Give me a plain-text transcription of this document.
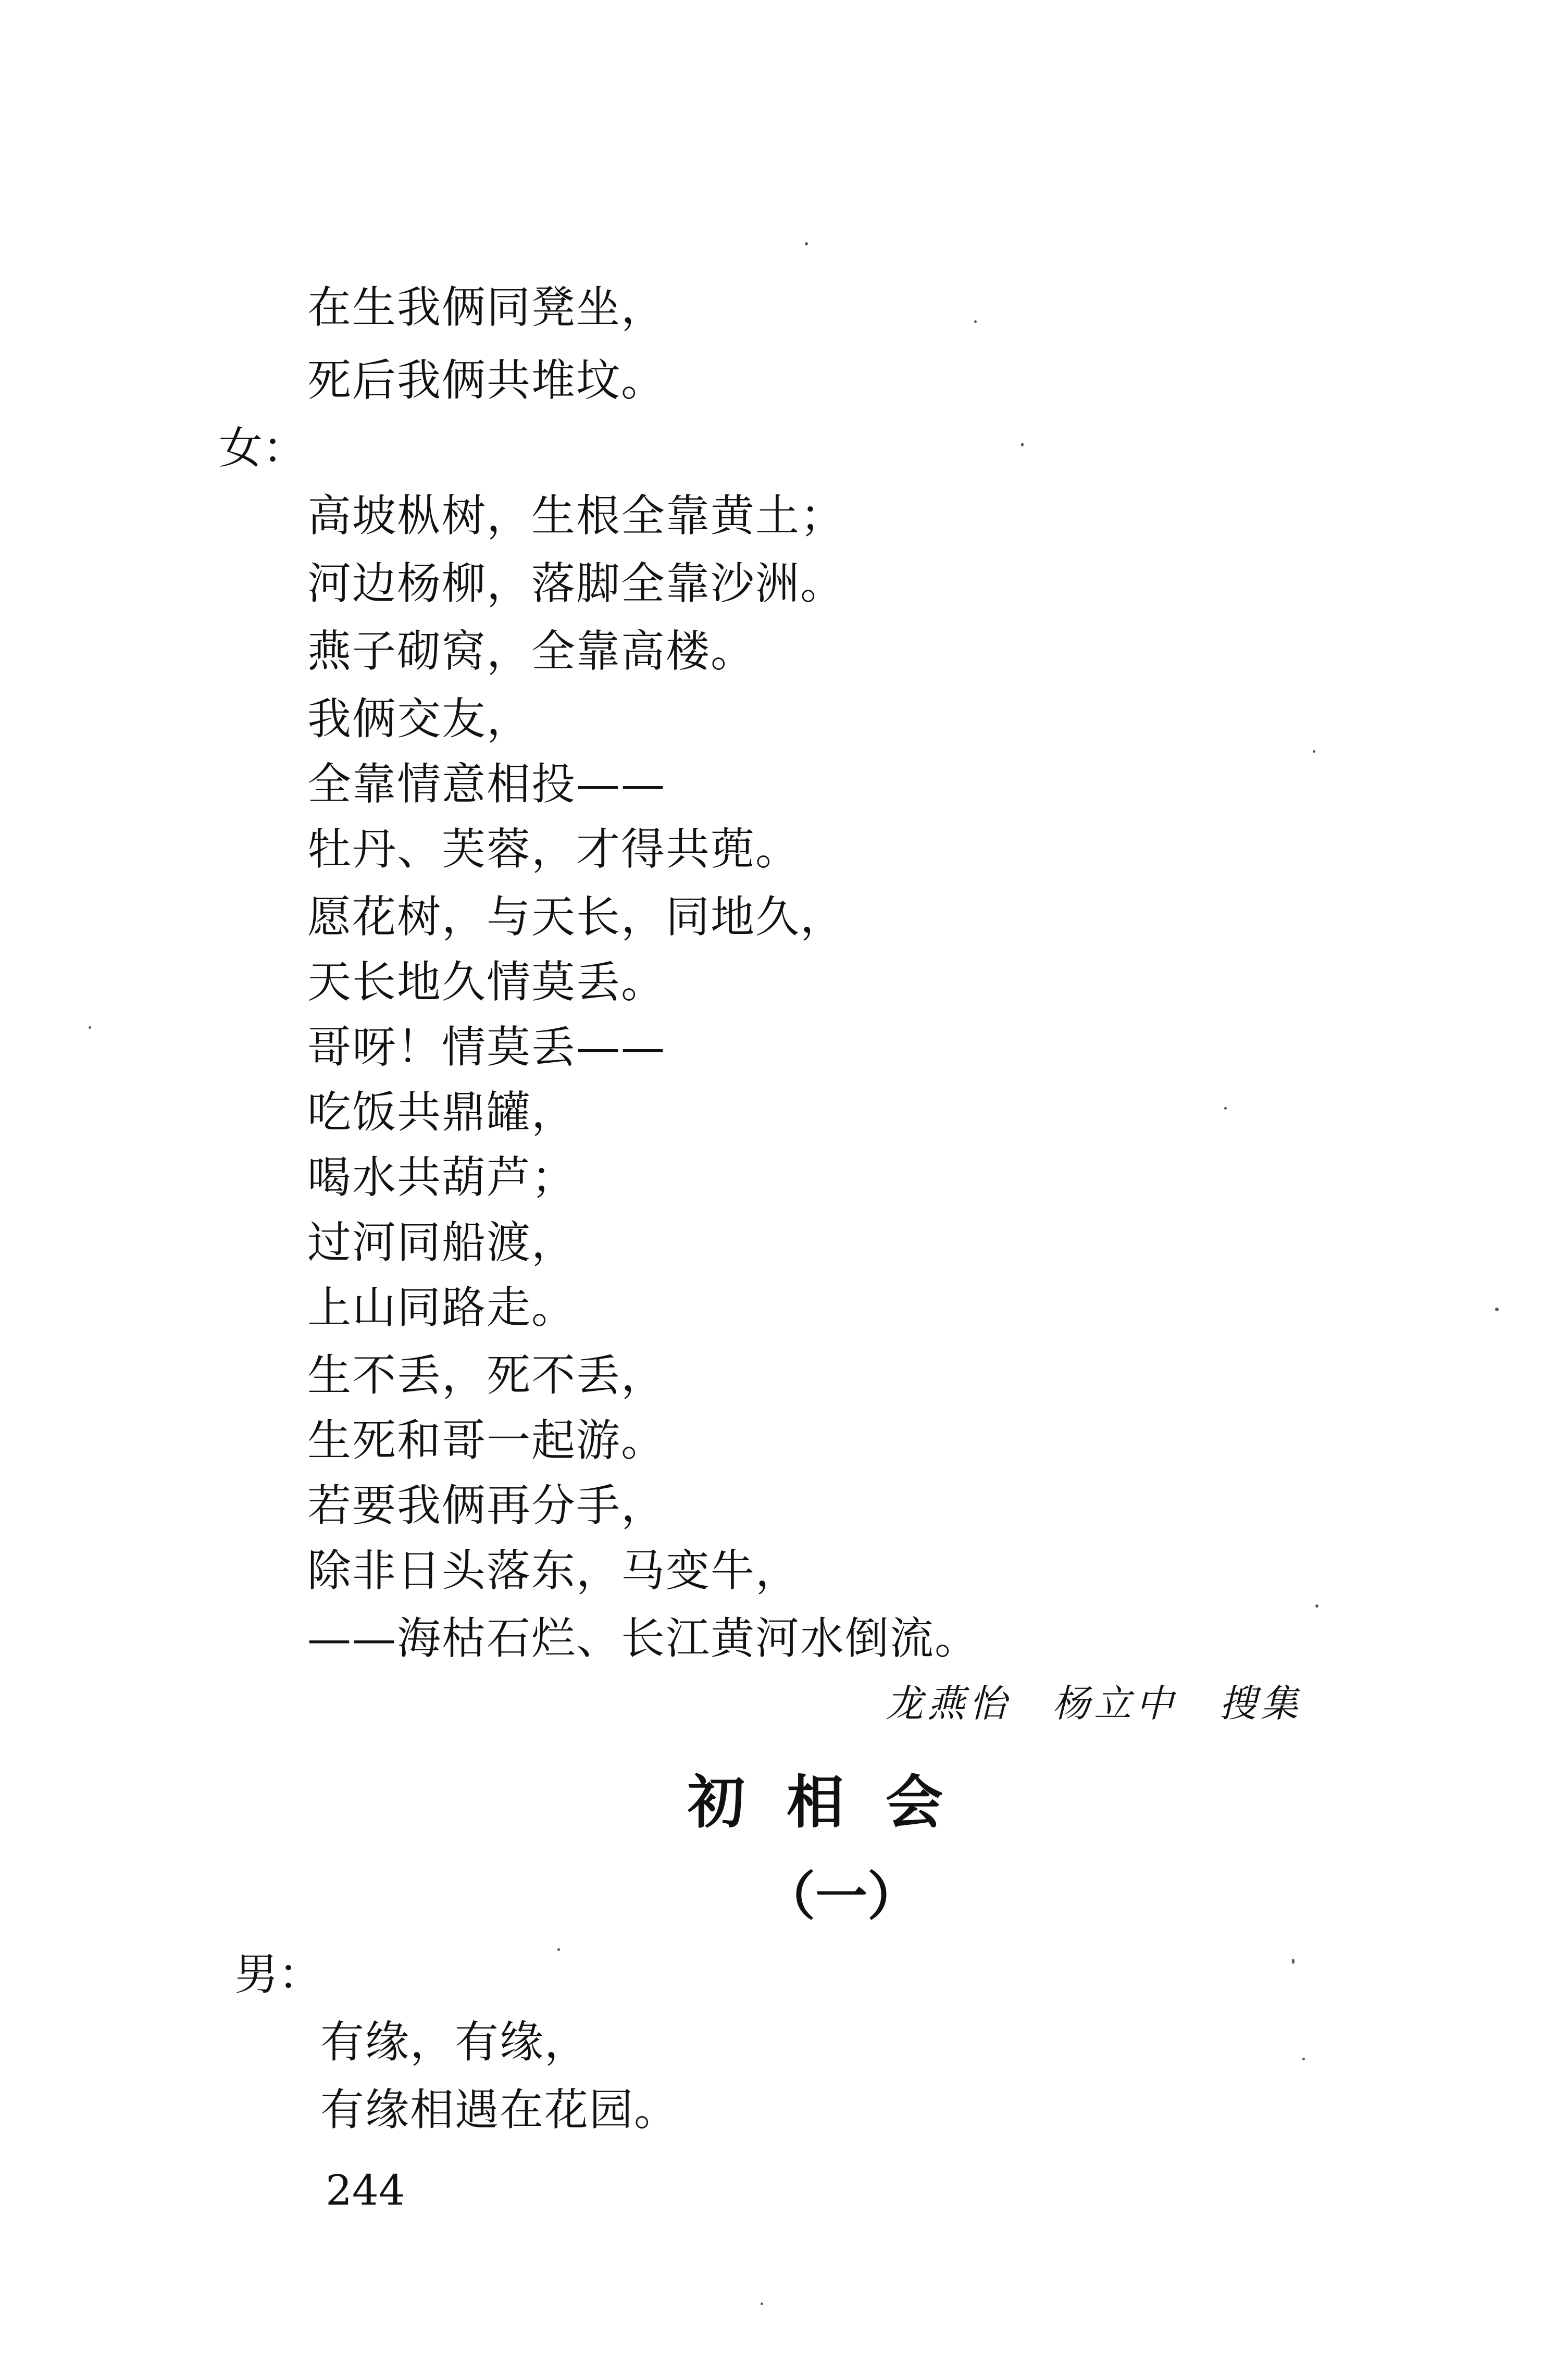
在生我俩同凳坐，
死后我俩共堆坟。
女：
高坡枞树，生根全靠黄土；
河边杨柳，落脚全靠沙洲。
燕子砌窝，全靠高楼。
我俩交友，
全靠情意相投——
牡丹、芙蓉，才得共蔸。
愿花树，与天长，同地久，
天长地久情莫丢。
哥呀！情莫丢——
吃饭共鼎罐，
喝水共葫芦；
过河同船渡，
上山同路走。
生不丢，死不丢，
生死和哥一起游。
若要我俩再分手，
除非日头落东，马变牛，
——海枯石烂、长江黄河水倒流。
龙燕怡　杨立中　搜集
初相会
（一）
男：
有缘，有缘，
有缘相遇在花园。
244
